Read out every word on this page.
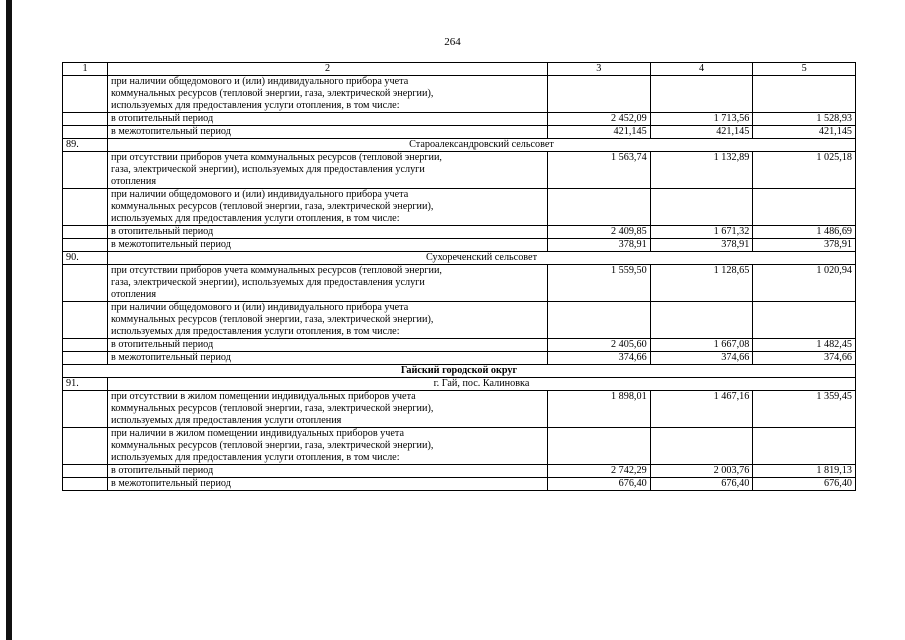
264
1	2	3	4	5

	при наличии общедомового и (или) индивидуального прибора учета
коммунальных ресурсов (тепловой энергии, газа, электрической энергии),
используемых для предоставления услуги отопления, в том числе:			

	в отопительный период	2 452,09	1 713,56	1 528,93
	в межотопительный период	421,145	421,145	421,145
89.	Староалександровский сельсовет			

	при отсутствии приборов учета коммунальных ресурсов (тепловой энергии,
газа, электрической энергии), используемых для предоставления услуги
отопления	1 563,74	1 132,89	1 025,18

	при наличии общедомового и (или) индивидуального прибора учета
коммунальных ресурсов (тепловой энергии, газа, электрической энергии),
используемых для предоставления услуги отопления, в том числе:			

	в отопительный период	2 409,85	1 671,32	1 486,69
	в межотопительный период	378,91	378,91	378,91
90.	Сухореченский сельсовет			

	при отсутствии приборов учета коммунальных ресурсов (тепловой энергии,
газа, электрической энергии), используемых для предоставления услуги
отопления	1 559,50	1 128,65	1 020,94

	при наличии общедомового и (или) индивидуального прибора учета
коммунальных ресурсов (тепловой энергии, газа, электрической энергии),
используемых для предоставления услуги отопления, в том числе:			

	в отопительный период	2 405,60	1 667,08	1 482,45
	в межотопительный период	374,66	374,66	374,66
Гайский городской округ				
91.	г. Гай, пос. Калиновка			

	при отсутствии в жилом помещении индивидуальных приборов учета
коммунальных ресурсов (тепловой энергии, газа, электрической энергии),
используемых для предоставления услуги отопления	1 898,01	1 467,16	1 359,45

	при наличии в жилом помещении индивидуальных приборов учета
коммунальных ресурсов (тепловой энергии, газа, электрической энергии),
используемых для предоставления услуги отопления, в том числе:			

	в отопительный период	2 742,29	2 003,76	1 819,13
	в межотопительный период	676,40	676,40	676,40
